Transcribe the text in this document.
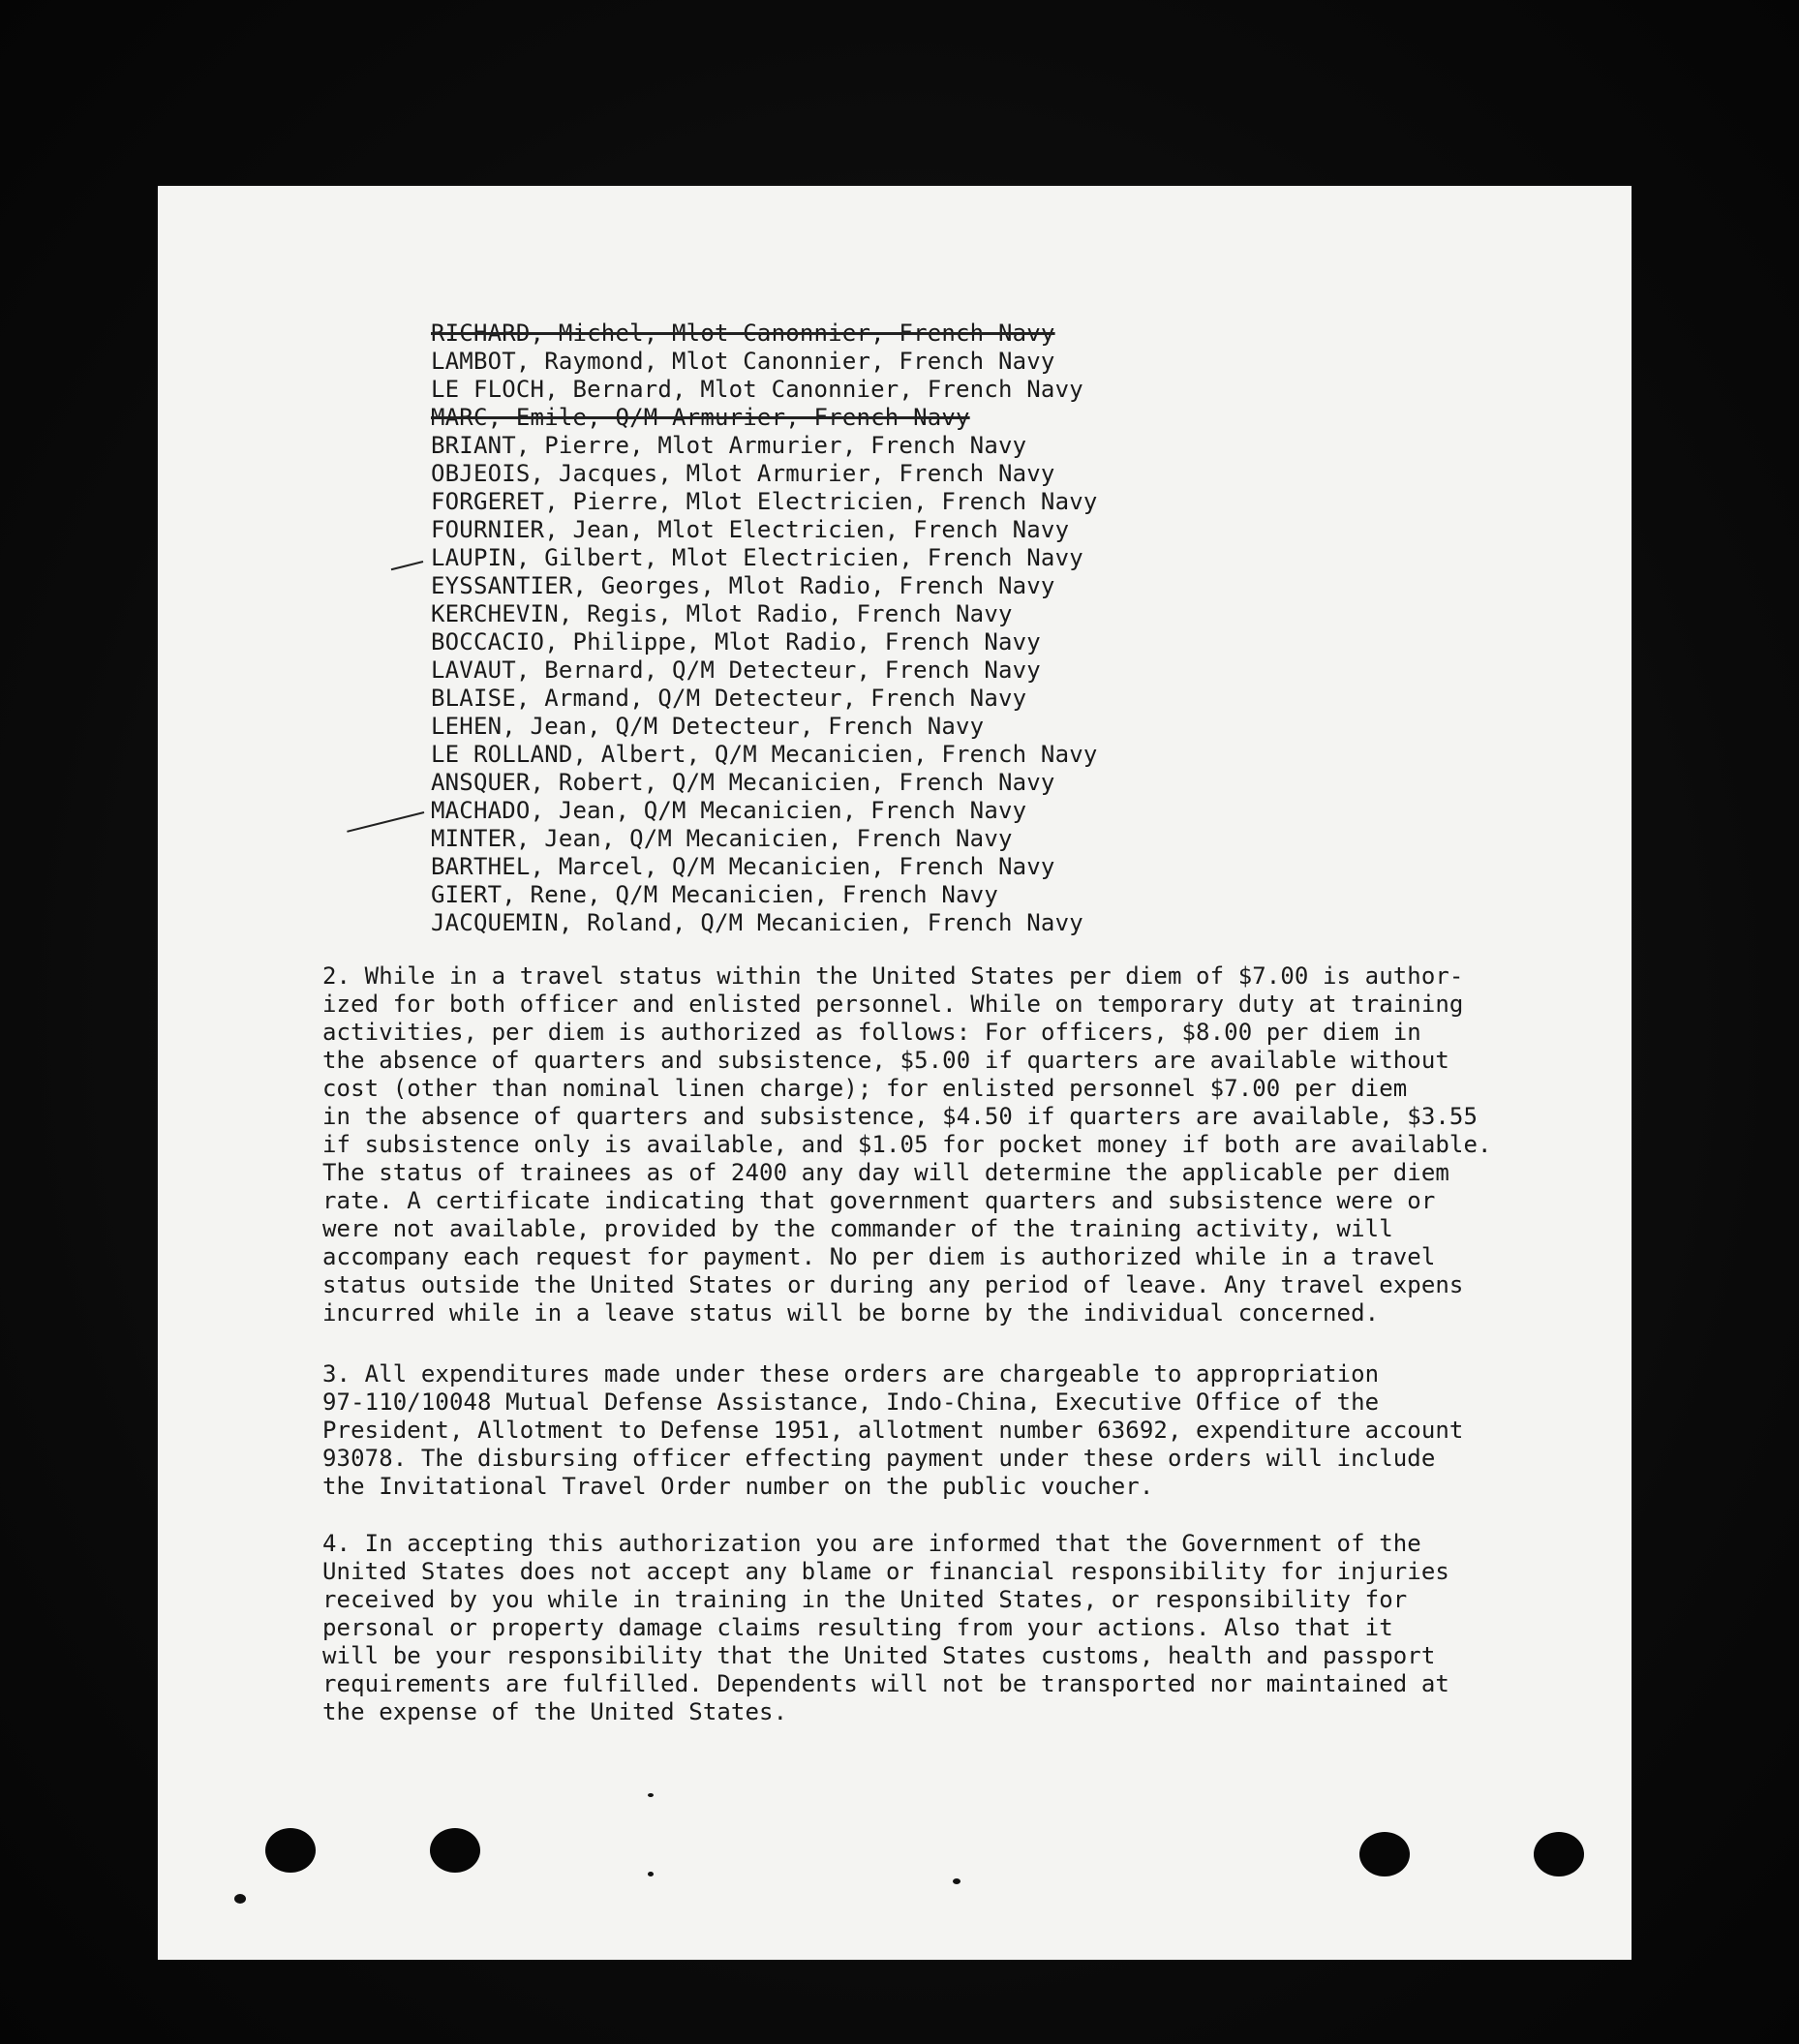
RICHARD, Michel, Mlot Canonnier, French Navy
LAMBOT, Raymond, Mlot Canonnier, French Navy
LE FLOCH, Bernard, Mlot Canonnier, French Navy
MARC, Emile, Q/M Armurier, French Navy
BRIANT, Pierre, Mlot Armurier, French Navy
OBJEOIS, Jacques, Mlot Armurier, French Navy
FORGERET, Pierre, Mlot Electricien, French Navy
FOURNIER, Jean, Mlot Electricien, French Navy
LAUPIN, Gilbert, Mlot Electricien, French Navy
EYSSANTIER, Georges, Mlot Radio, French Navy
KERCHEVIN, Regis, Mlot Radio, French Navy
BOCCACIO, Philippe, Mlot Radio, French Navy
LAVAUT, Bernard, Q/M Detecteur, French Navy
BLAISE, Armand, Q/M Detecteur, French Navy
LEHEN, Jean, Q/M Detecteur, French Navy
LE ROLLAND, Albert, Q/M Mecanicien, French Navy
ANSQUER, Robert, Q/M Mecanicien, French Navy
MACHADO, Jean, Q/M Mecanicien, French Navy
MINTER, Jean, Q/M Mecanicien, French Navy
BARTHEL, Marcel, Q/M Mecanicien, French Navy
GIERT, Rene, Q/M Mecanicien, French Navy
JACQUEMIN, Roland, Q/M Mecanicien, French Navy

2. While in a travel status within the United States per diem of $7.00 is author-
ized for both officer and enlisted personnel. While on temporary duty at training
activities, per diem is authorized as follows: For officers, $8.00 per diem in
the absence of quarters and subsistence, $5.00 if quarters are available without
cost (other than nominal linen charge); for enlisted personnel $7.00 per diem
in the absence of quarters and subsistence, $4.50 if quarters are available, $3.55
if subsistence only is available, and $1.05 for pocket money if both are available.
The status of trainees as of 2400 any day will determine the applicable per diem
rate. A certificate indicating that government quarters and subsistence were or
were not available, provided by the commander of the training activity, will
accompany each request for payment. No per diem is authorized while in a travel
status outside the United States or during any period of leave. Any travel expens
incurred while in a leave status will be borne by the individual concerned.

3. All expenditures made under these orders are chargeable to appropriation
97-110/10048 Mutual Defense Assistance, Indo-China, Executive Office of the
President, Allotment to Defense 1951, allotment number 63692, expenditure account
93078. The disbursing officer effecting payment under these orders will include
the Invitational Travel Order number on the public voucher.

4. In accepting this authorization you are informed that the Government of the
United States does not accept any blame or financial responsibility for injuries
received by you while in training in the United States, or responsibility for
personal or property damage claims resulting from your actions. Also that it
will be your responsibility that the United States customs, health and passport
requirements are fulfilled. Dependents will not be transported nor maintained at
the expense of the United States.
